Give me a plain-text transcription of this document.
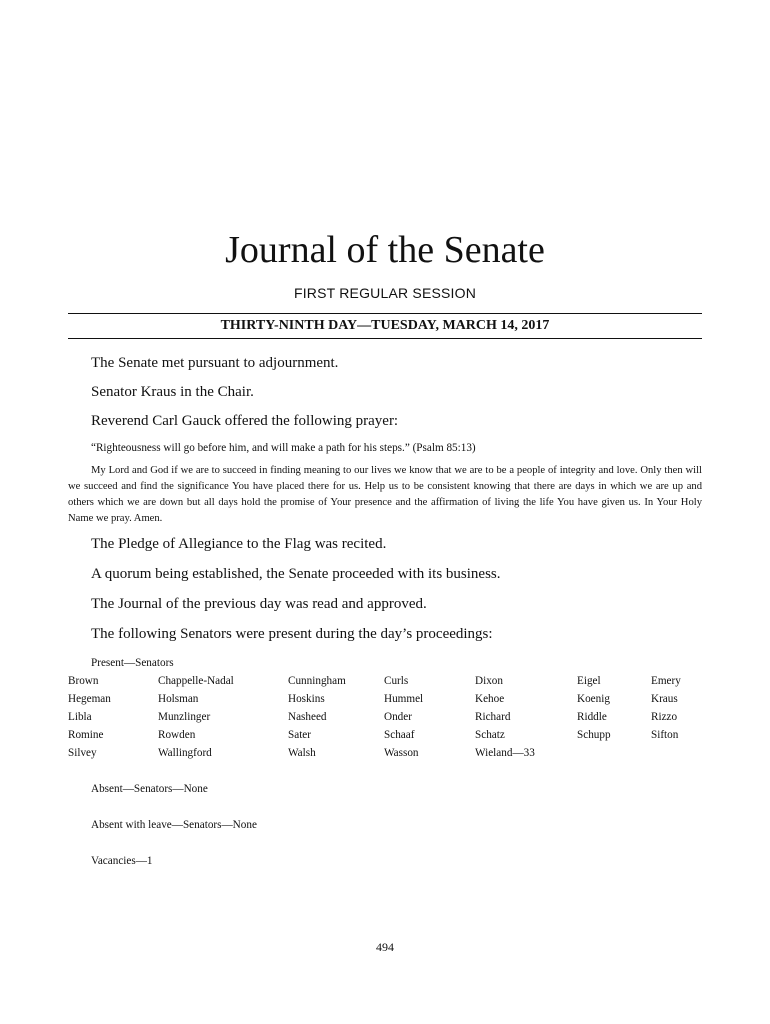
Journal of the Senate
FIRST REGULAR SESSION
THIRTY-NINTH DAY—TUESDAY, MARCH 14, 2017
The Senate met pursuant to adjournment.
Senator Kraus in the Chair.
Reverend Carl Gauck offered the following prayer:
“Righteousness will go before him, and will make a path for his steps.” (Psalm 85:13)

My Lord and God if we are to succeed in finding meaning to our lives we know that we are to be a people of integrity and love. Only then will we succeed and find the significance You have placed there for us. Help us to be consistent knowing that there are days in which we are up and others which we are down but all days hold the promise of Your presence and the affirmation of living the life You have given us. In Your Holy Name we pray. Amen.

The Pledge of Allegiance to the Flag was recited.
A quorum being established, the Senate proceeded with its business.
The Journal of the previous day was read and approved.
The following Senators were present during the day’s proceedings:
Present—Senators
Brown	Chappelle-Nadal	Cunningham	Curls	Dixon	Eigel	Emery
Hegeman	Holsman	Hoskins	Hummel	Kehoe	Koenig	Kraus
Libla	Munzlinger	Nasheed	Onder	Richard	Riddle	Rizzo
Romine	Rowden	Sater	Schaaf	Schatz	Schupp	Sifton
Silvey	Wallingford	Walsh	Wasson	Wieland—33
Absent—Senators—None
Absent with leave—Senators—None
Vacancies—1
494
